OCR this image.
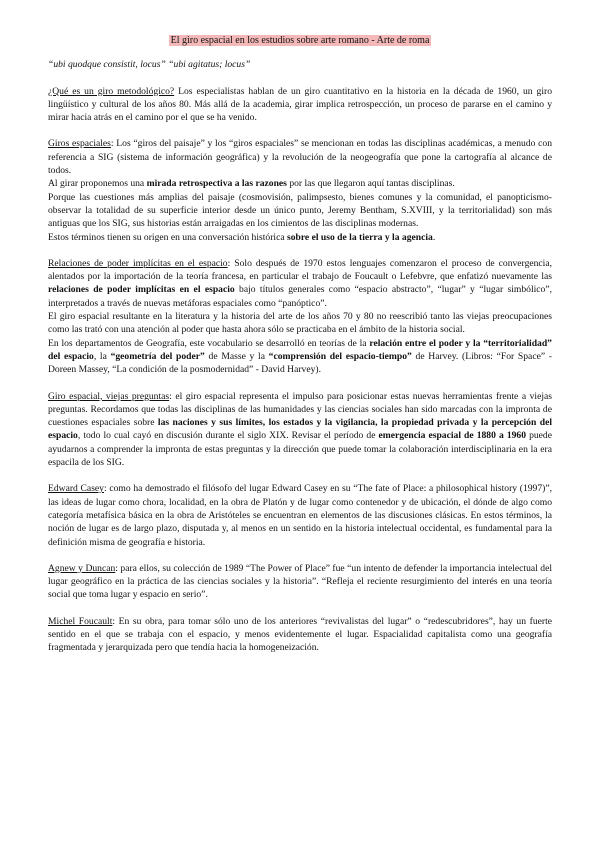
El giro espacial en los estudios sobre arte romano - Arte de roma
“ubi quodque consistit, locus” “ubi agitatus; locus”

¿Qué es un giro metodológico? Los especialistas hablan de un giro cuantitativo en la historia en la década de 1960, un giro lingüístico y cultural de los años 80. Más allá de la academia, girar implica retrospección, un proceso de pararse en el camino y mirar hacia atrás en el camino por el que se ha venido.

Giros espaciales: Los “giros del paisaje” y los “giros espaciales” se mencionan en todas las disciplinas académicas, a menudo con referencia a SIG (sistema de información geográfica) y la revolución de la neogeografía que pone la cartografía al alcance de todos.

Al girar proponemos una mirada retrospectiva a las razones por las que llegaron aquí tantas disciplinas.

Porque las cuestiones más amplias del paisaje (cosmovisión, palimpsesto, bienes comunes y la comunidad, el panopticismo-observar la totalidad de su superficie interior desde un único punto, Jeremy Bentham, S.XVIII, y la territorialidad) son más antiguas que los SIG, sus historias están arraigadas en los cimientos de las disciplinas modernas.

Estos términos tienen su origen en una conversación histórica sobre el uso de la tierra y la agencia.

Relaciones de poder implícitas en el espacio: Solo después de 1970 estos lenguajes comenzaron el proceso de convergencia, alentados por la importación de la teoría francesa, en particular el trabajo de Foucault o Lefebvre, que enfatizó nuevamente las relaciones de poder implícitas en el espacio bajo títulos generales como “espacio abstracto”, “lugar” y “lugar simbólico”, interpretados a través de nuevas metáforas espaciales como “panóptico”.

El giro espacial resultante en la literatura y la historia del arte de los años 70 y 80 no reescribió tanto las viejas preocupaciones como las trató con una atención al poder que hasta ahora sólo se practicaba en el ámbito de la historia social.

En los departamentos de Geografía, este vocabulario se desarrolló en teorías de la relación entre el poder y la “territorialidad” del espacio, la “geometría del poder” de Masse y la “comprensión del espacio-tiempo” de Harvey. (Libros: “For Space” - Doreen Massey, “La condición de la posmodernidad” - David Harvey).

Giro espacial, viejas preguntas: el giro espacial representa el impulso para posicionar estas nuevas herramientas frente a viejas preguntas. Recordamos que todas las disciplinas de las humanidades y las ciencias sociales han sido marcadas con la impronta de cuestiones espaciales sobre las naciones y sus límites, los estados y la vigilancia, la propiedad privada y la percepción del espacio, todo lo cual cayó en discusión durante el siglo XIX. Revisar el período de emergencia espacial de 1880 a 1960 puede ayudarnos a comprender la impronta de estas preguntas y la dirección que puede tomar la colaboración interdisciplinaria en la era espacila de los SIG.

Edward Casey: como ha demostrado el filósofo del lugar Edward Casey en su “The fate of Place: a philosophical history (1997)”, las ideas de lugar como chora, localidad, en la obra de Platón y de lugar como contenedor y de ubicación, el dónde de algo como categoría metafísica básica en la obra de Aristóteles se encuentran en elementos de las discusiones clásicas. En estos términos, la noción de lugar es de largo plazo, disputada y, al menos en un sentido en la historia intelectual occidental, es fundamental para la definición misma de geografía e historia.

Agnew y Duncan: para ellos, su colección de 1989 “The Power of Place” fue “un intento de defender la importancia intelectual del lugar geográfico en la práctica de las ciencias sociales y la historia”. “Refleja el reciente resurgimiento del interés en una teoría social que toma lugar y espacio en serio”.

Michel Foucault: En su obra, para tomar sólo uno de los anteriores “revivalistas del lugar” o “redescubridores”, hay un fuerte sentido en el que se trabaja con el espacio, y menos evidentemente el lugar. Espacialidad capitalista como una geografía fragmentada y jerarquizada pero que tendía hacia la homogeneización.
